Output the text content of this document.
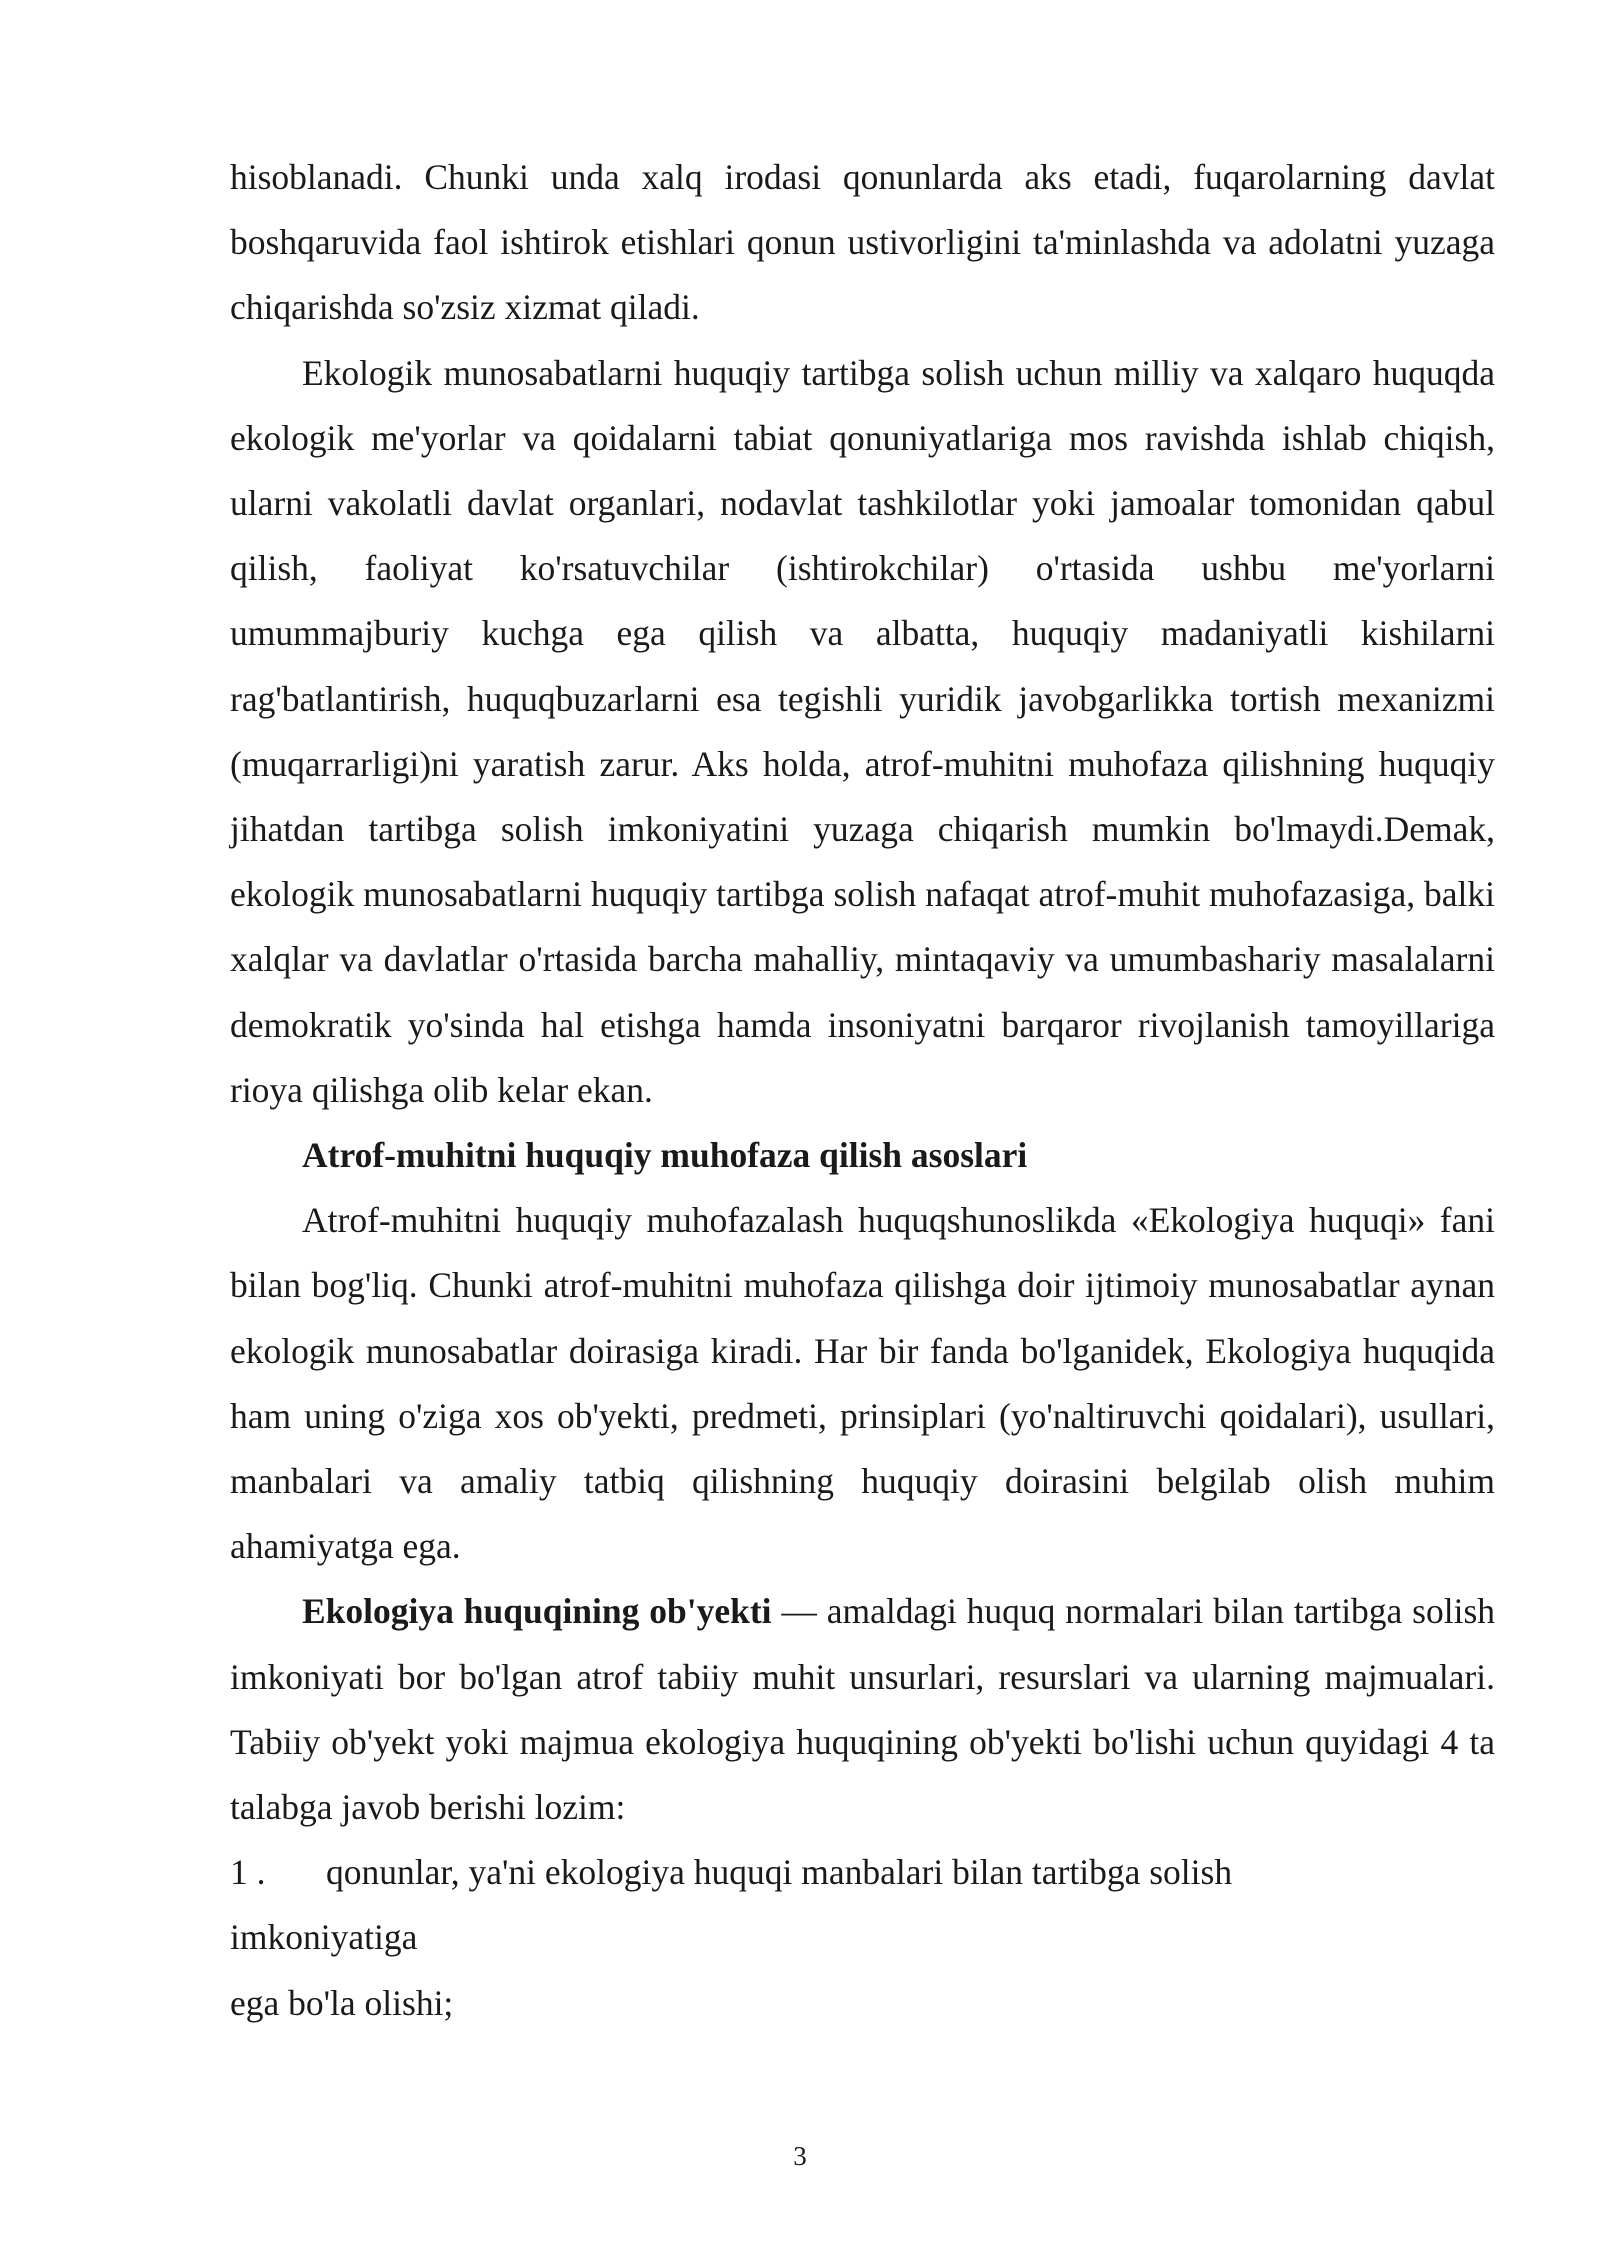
hisoblanadi. Chunki unda xalq irodasi qonunlarda aks etadi, fuqarolarning davlat boshqaruvida faol ishtirok etishlari qonun ustivorligini ta'minlashda va adolatni yuzaga chiqarishda so'zsiz xizmat qiladi.

Ekologik munosabatlarni huquqiy tartibga solish uchun milliy va xalqaro huquqda ekologik me'yorlar va qoidalarni tabiat qonuniyatlariga mos ravishda ishlab chiqish, ularni vakolatli davlat organlari, nodavlat tashkilotlar yoki jamoalar tomonidan qabul qilish, faoliyat ko'rsatuvchilar (ishtirokchilar) o'rtasida ushbu me'yorlarni umummajburiy kuchga ega qilish va albatta, huquqiy madaniyatli kishilarni rag'batlantirish, huquqbuzarlarni esa tegishli yuridik javobgarlikka tortish mexanizmi (muqarrarligi)ni yaratish zarur. Aks holda, atrof-muhitni muhofaza qilishning huquqiy jihatdan tartibga solish imkoniyatini yuzaga chiqarish mumkin bo'lmaydi.Demak, ekologik munosabatlarni huquqiy tartibga solish nafaqat atrof-muhit muhofazasiga, balki xalqlar va davlatlar o'rtasida barcha mahalliy, mintaqaviy va umumbashariy masalalarni demokratik yo'sinda hal etishga hamda insoniyatni barqaror rivojlanish tamoyillariga rioya qilishga olib kelar ekan.

Atrof-muhitni huquqiy muhofaza qilish asoslari

Atrof-muhitni huquqiy muhofazalash huquqshunoslikda «Ekologiya huquqi» fani bilan bog'liq. Chunki atrof-muhitni muhofaza qilishga doir ijtimoiy munosabatlar aynan ekologik munosabatlar doirasiga kiradi. Har bir fanda bo'lganidek, Ekologiya huquqida ham uning o'ziga xos ob'yekti, predmeti, prinsiplari (yo'naltiruvchi qoidalari), usullari, manbalari va amaliy tatbiq qilishning huquqiy doirasini belgilab olish muhim ahamiyatga ega.

Ekologiya huquqining ob'yekti — amaldagi huquq normalari bilan tartibga solish imkoniyati bor bo'lgan atrof tabiiy muhit unsurlari, resurslari va ularning majmualari. Tabiiy ob'yekt yoki majmua ekologiya huquqining ob'yekti bo'lishi uchun quyidagi 4 ta talabga javob berishi lozim:

1 . qonunlar, ya'ni ekologiya huquqi manbalari bilan tartibga solish

imkoniyatiga

ega bo'la olishi;

3
